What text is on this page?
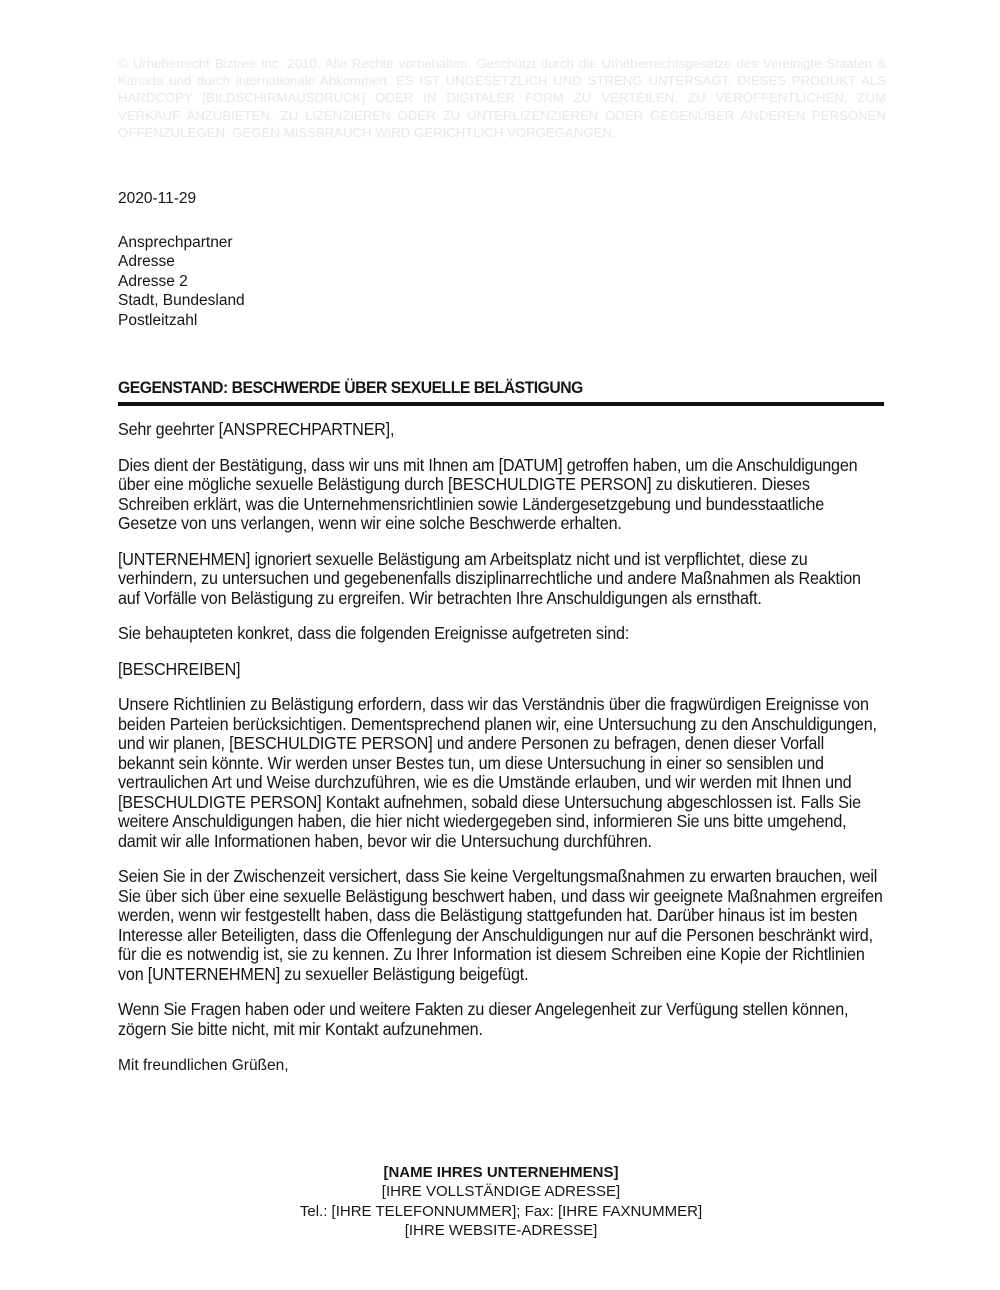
© Urheberrecht Biztree Inc. 2010. Alle Rechte vorbehalten. Geschützt durch die Urheberrechtsgesetze des Vereinigte Staaten & Kanada und durch internationale Abkommen. ES IST UNGESETZLICH UND STRENG UNTERSAGT, DIESES PRODUKT ALS HARDCOPY [BILDSCHIRMAUSDRUCK] ODER IN DIGITALER FORM ZU VERTEILEN, ZU VERÖFFENTLICHEN, ZUM VERKAUF ANZUBIETEN, ZU LIZENZIEREN ODER ZU UNTERLIZENZIEREN ODER GEGENÜBER ANDEREN PERSONEN OFFENZULEGEN. GEGEN MISSBRAUCH WIRD GERICHTLICH VORGEGANGEN.
2020-11-29
Ansprechpartner
Adresse
Adresse 2
Stadt, Bundesland
Postleitzahl
GEGENSTAND: BESCHWERDE ÜBER SEXUELLE BELÄSTIGUNG
Sehr geehrter [ANSPRECHPARTNER],

Dies dient der Bestätigung, dass wir uns mit Ihnen am [DATUM] getroffen haben, um die Anschuldigungen über eine mögliche sexuelle Belästigung durch [BESCHULDIGTE PERSON] zu diskutieren. Dieses Schreiben erklärt, was die Unternehmensrichtlinien sowie Ländergesetzgebung und bundesstaatliche Gesetze von uns verlangen, wenn wir eine solche Beschwerde erhalten.

[UNTERNEHMEN] ignoriert sexuelle Belästigung am Arbeitsplatz nicht und ist verpflichtet, diese zu verhindern, zu untersuchen und gegebenenfalls disziplinarrechtliche und andere Maßnahmen als Reaktion auf Vorfälle von Belästigung zu ergreifen. Wir betrachten Ihre Anschuldigungen als ernsthaft.

Sie behaupteten konkret, dass die folgenden Ereignisse aufgetreten sind:

[BESCHREIBEN]

Unsere Richtlinien zu Belästigung erfordern, dass wir das Verständnis über die fragwürdigen Ereignisse von beiden Parteien berücksichtigen. Dementsprechend planen wir, eine Untersuchung zu den Anschuldigungen, und wir planen, [BESCHULDIGTE PERSON] und andere Personen zu befragen, denen dieser Vorfall bekannt sein könnte. Wir werden unser Bestes tun, um diese Untersuchung in einer so sensiblen und vertraulichen Art und Weise durchzuführen, wie es die Umstände erlauben, und wir werden mit Ihnen und [BESCHULDIGTE PERSON] Kontakt aufnehmen, sobald diese Untersuchung abgeschlossen ist. Falls Sie weitere Anschuldigungen haben, die hier nicht wiedergegeben sind, informieren Sie uns bitte umgehend, damit wir alle Informationen haben, bevor wir die Untersuchung durchführen.

Seien Sie in der Zwischenzeit versichert, dass Sie keine Vergeltungsmaßnahmen zu erwarten brauchen, weil Sie über sich über eine sexuelle Belästigung beschwert haben, und dass wir geeignete Maßnahmen ergreifen werden, wenn wir festgestellt haben, dass die Belästigung stattgefunden hat. Darüber hinaus ist im besten Interesse aller Beteiligten, dass die Offenlegung der Anschuldigungen nur auf die Personen beschränkt wird, für die es notwendig ist, sie zu kennen. Zu Ihrer Information ist diesem Schreiben eine Kopie der Richtlinien von [UNTERNEHMEN] zu sexueller Belästigung beigefügt.

Wenn Sie Fragen haben oder und weitere Fakten zu dieser Angelegenheit zur Verfügung stellen können, zögern Sie bitte nicht, mit mir Kontakt aufzunehmen.

Mit freundlichen Grüßen,
[NAME IHRES UNTERNEHMENS]
[IHRE VOLLSTÄNDIGE ADRESSE]
Tel.: [IHRE TELEFONNUMMER]; Fax: [IHRE FAXNUMMER]
[IHRE WEBSITE-ADRESSE]
